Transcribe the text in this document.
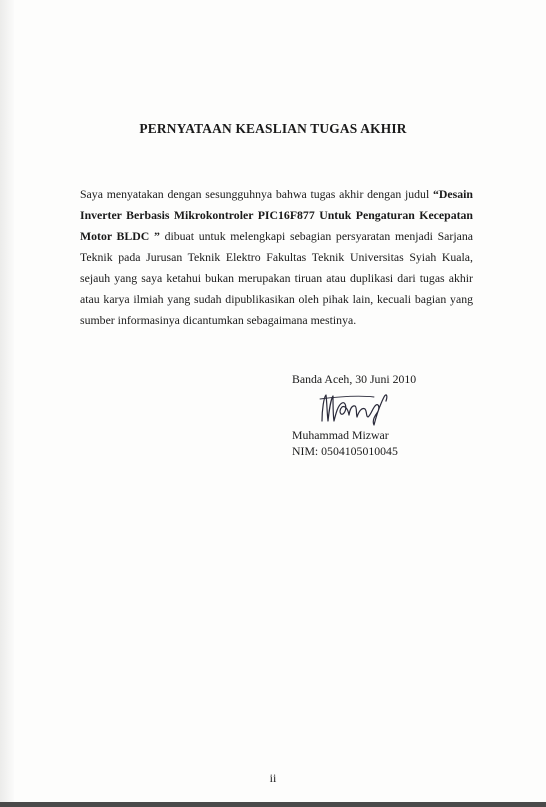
PERNYATAAN KEASLIAN TUGAS AKHIR
Saya menyatakan dengan sesungguhnya bahwa tugas akhir dengan judul “Desain Inverter Berbasis Mikrokontroler PIC16F877 Untuk Pengaturan Kecepatan Motor BLDC ” dibuat untuk melengkapi sebagian persyaratan menjadi Sarjana Teknik pada Jurusan Teknik Elektro Fakultas Teknik Universitas Syiah Kuala, sejauh yang saya ketahui bukan merupakan tiruan atau duplikasi dari tugas akhir atau karya ilmiah yang sudah dipublikasikan oleh pihak lain, kecuali bagian yang sumber informasinya dicantumkan sebagaimana mestinya.
Banda Aceh, 30 Juni 2010
Muhammad Mizwar
NIM: 0504105010045
ii
